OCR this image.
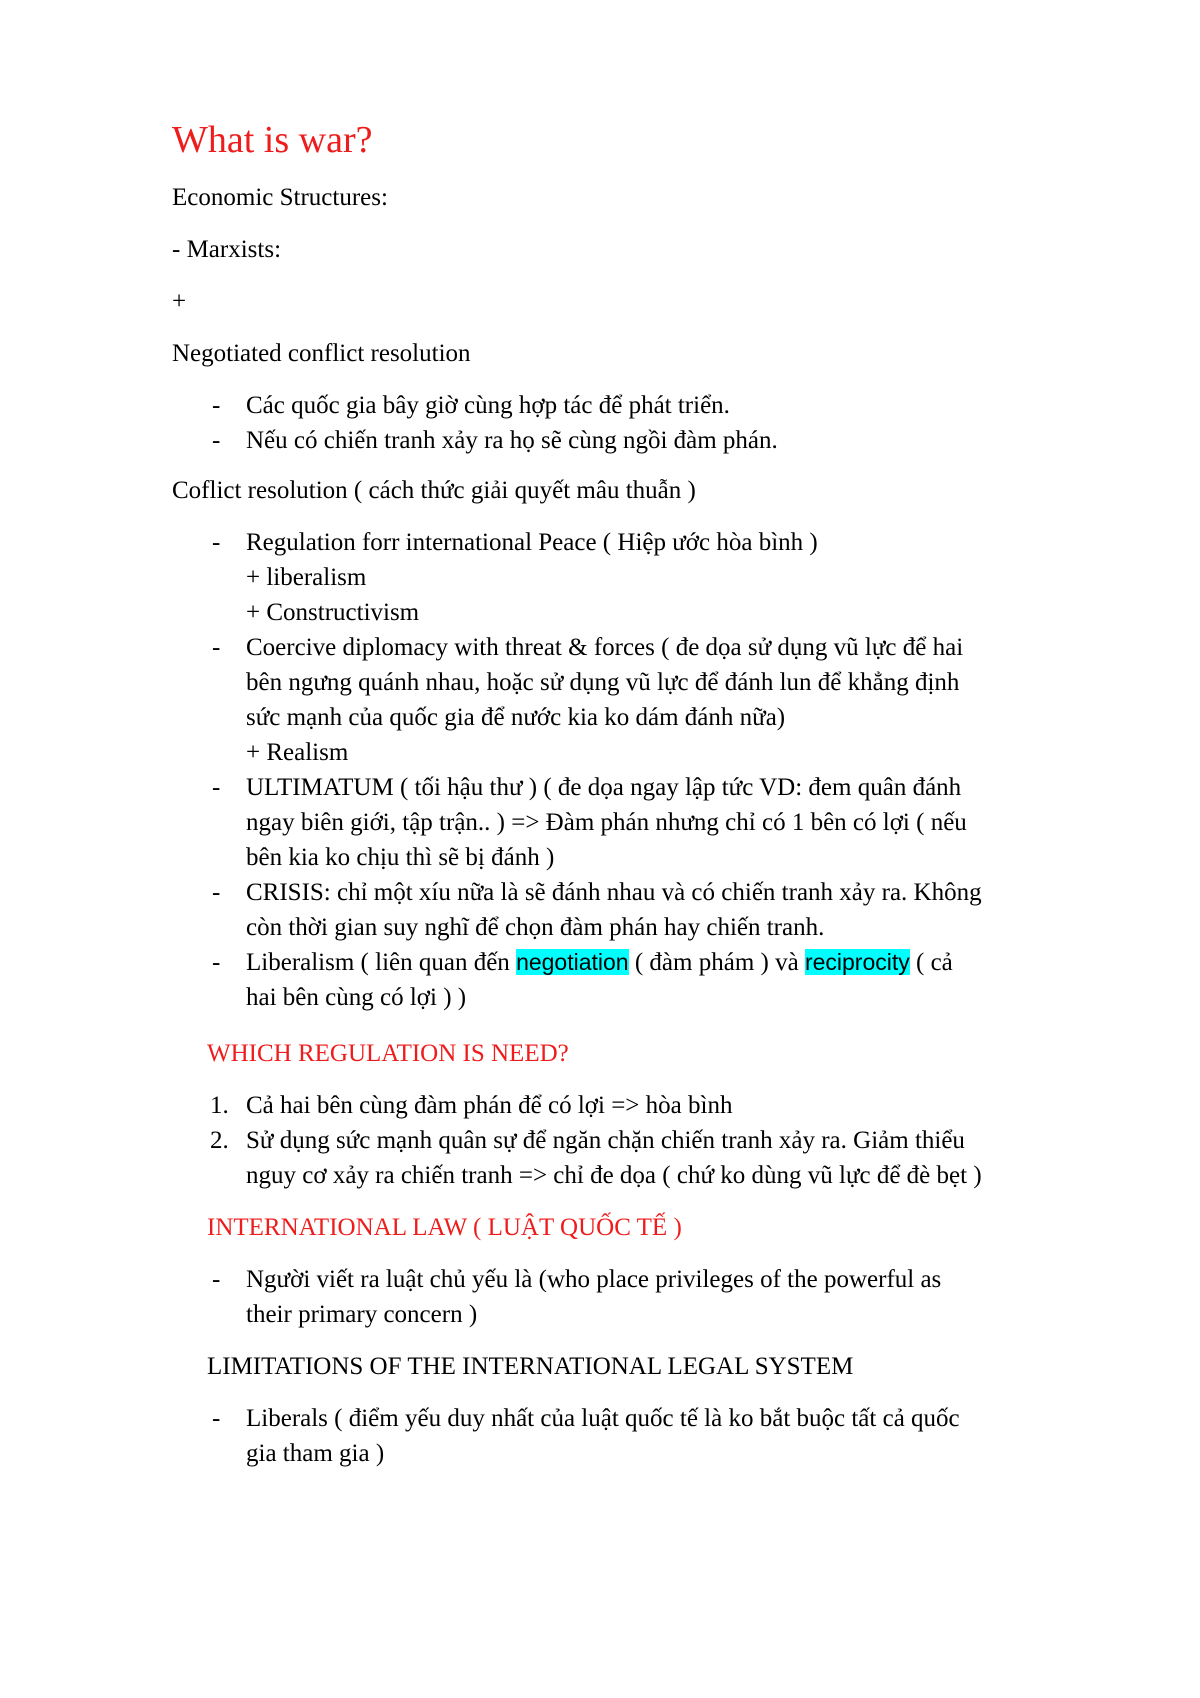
What is war?
Economic Structures:
- Marxists:
+
Negotiated conflict resolution
- Các quốc gia bây giờ cùng hợp tác để phát triển.
- Nếu có chiến tranh xảy ra họ sẽ cùng ngồi đàm phán.
Coflict resolution ( cách thức giải quyết mâu thuẫn )
- Regulation forr international Peace ( Hiệp ước hòa bình )
+ liberalism
+ Constructivism
- Coercive diplomacy with threat & forces ( đe dọa sử dụng vũ lực để hai
bên ngưng quánh nhau, hoặc sử dụng vũ lực để đánh lun để khẳng định
sức mạnh của quốc gia để nước kia ko dám đánh nữa)
+ Realism
- ULTIMATUM ( tối hậu thư ) ( đe dọa ngay lập tức VD: đem quân đánh
ngay biên giới, tập trận.. ) => Đàm phán nhưng chỉ có 1 bên có lợi ( nếu
bên kia ko chịu thì sẽ bị đánh )
- CRISIS: chỉ một xíu nữa là sẽ đánh nhau và có chiến tranh xảy ra. Không
còn thời gian suy nghĩ để chọn đàm phán hay chiến tranh.
- Liberalism ( liên quan đến negotiation ( đàm phám ) và reciprocity ( cả
hai bên cùng có lợi ) )
WHICH REGULATION IS NEED?
1. Cả hai bên cùng đàm phán để có lợi => hòa bình
2. Sử dụng sức mạnh quân sự để ngăn chặn chiến tranh xảy ra. Giảm thiểu
nguy cơ xảy ra chiến tranh => chỉ đe dọa ( chứ ko dùng vũ lực để đè bẹt )
INTERNATIONAL LAW ( LUẬT QUỐC TẾ )
- Người viết ra luật chủ yếu là (who place privileges of the powerful as
their primary concern )
LIMITATIONS OF THE INTERNATIONAL LEGAL SYSTEM
- Liberals ( điểm yếu duy nhất của luật quốc tế là ko bắt buộc tất cả quốc
gia tham gia )
